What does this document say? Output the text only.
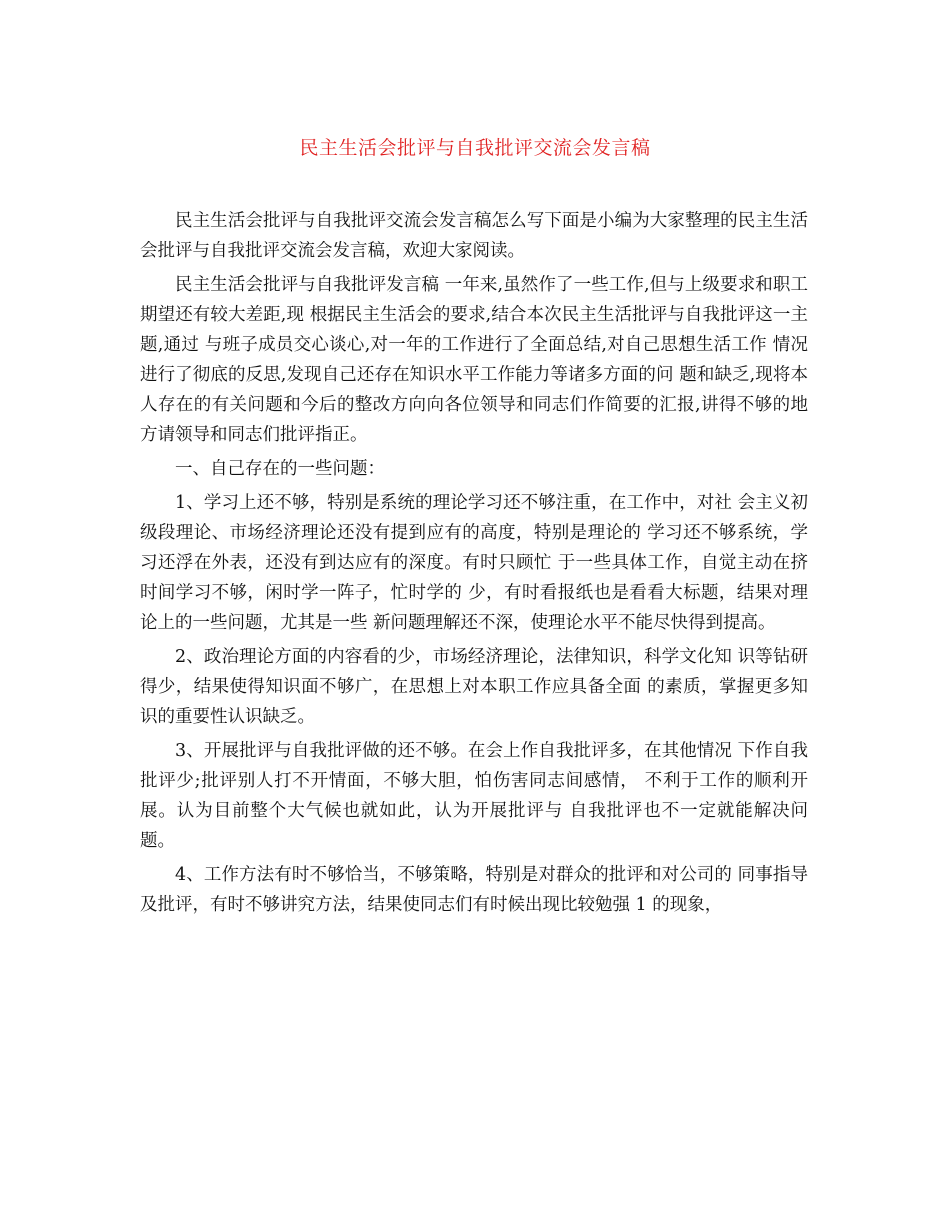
民主生活会批评与自我批评交流会发言稿

民主生活会批评与自我批评交流会发言稿怎么写下面是小编为大家整理的民主生活会批评与自我批评交流会发言稿，欢迎大家阅读。

民主生活会批评与自我批评发言稿 一年来,虽然作了一些工作,但与上级要求和职工期望还有较大差距,现 根据民主生活会的要求,结合本次民主生活批评与自我批评这一主题,通过 与班子成员交心谈心,对一年的工作进行了全面总结,对自己思想生活工作 情况进行了彻底的反思,发现自己还存在知识水平工作能力等诸多方面的问 题和缺乏,现将本人存在的有关问题和今后的整改方向向各位领导和同志们作简要的汇报,讲得不够的地方请领导和同志们批评指正。

一、自己存在的一些问题：

1、学习上还不够，特别是系统的理论学习还不够注重，在工作中，对社 会主义初级段理论、市场经济理论还没有提到应有的高度，特别是理论的 学习还不够系统，学习还浮在外表，还没有到达应有的深度。有时只顾忙 于一些具体工作，自觉主动在挤时间学习不够，闲时学一阵子，忙时学的 少，有时看报纸也是看看大标题，结果对理论上的一些问题，尤其是一些 新问题理解还不深，使理论水平不能尽快得到提高。

2、政治理论方面的内容看的少，市场经济理论，法律知识，科学文化知 识等钻研得少，结果使得知识面不够广，在思想上对本职工作应具备全面 的素质，掌握更多知识的重要性认识缺乏。

3、开展批评与自我批评做的还不够。在会上作自我批评多，在其他情况 下作自我批评少;批评别人打不开情面，不够大胆，怕伤害同志间感情， 不利于工作的顺利开展。认为目前整个大气候也就如此，认为开展批评与 自我批评也不一定就能解决问题。

4、工作方法有时不够恰当，不够策略，特别是对群众的批评和对公司的 同事指导及批评，有时不够讲究方法，结果使同志们有时候出现比较勉强 1 的现象，
